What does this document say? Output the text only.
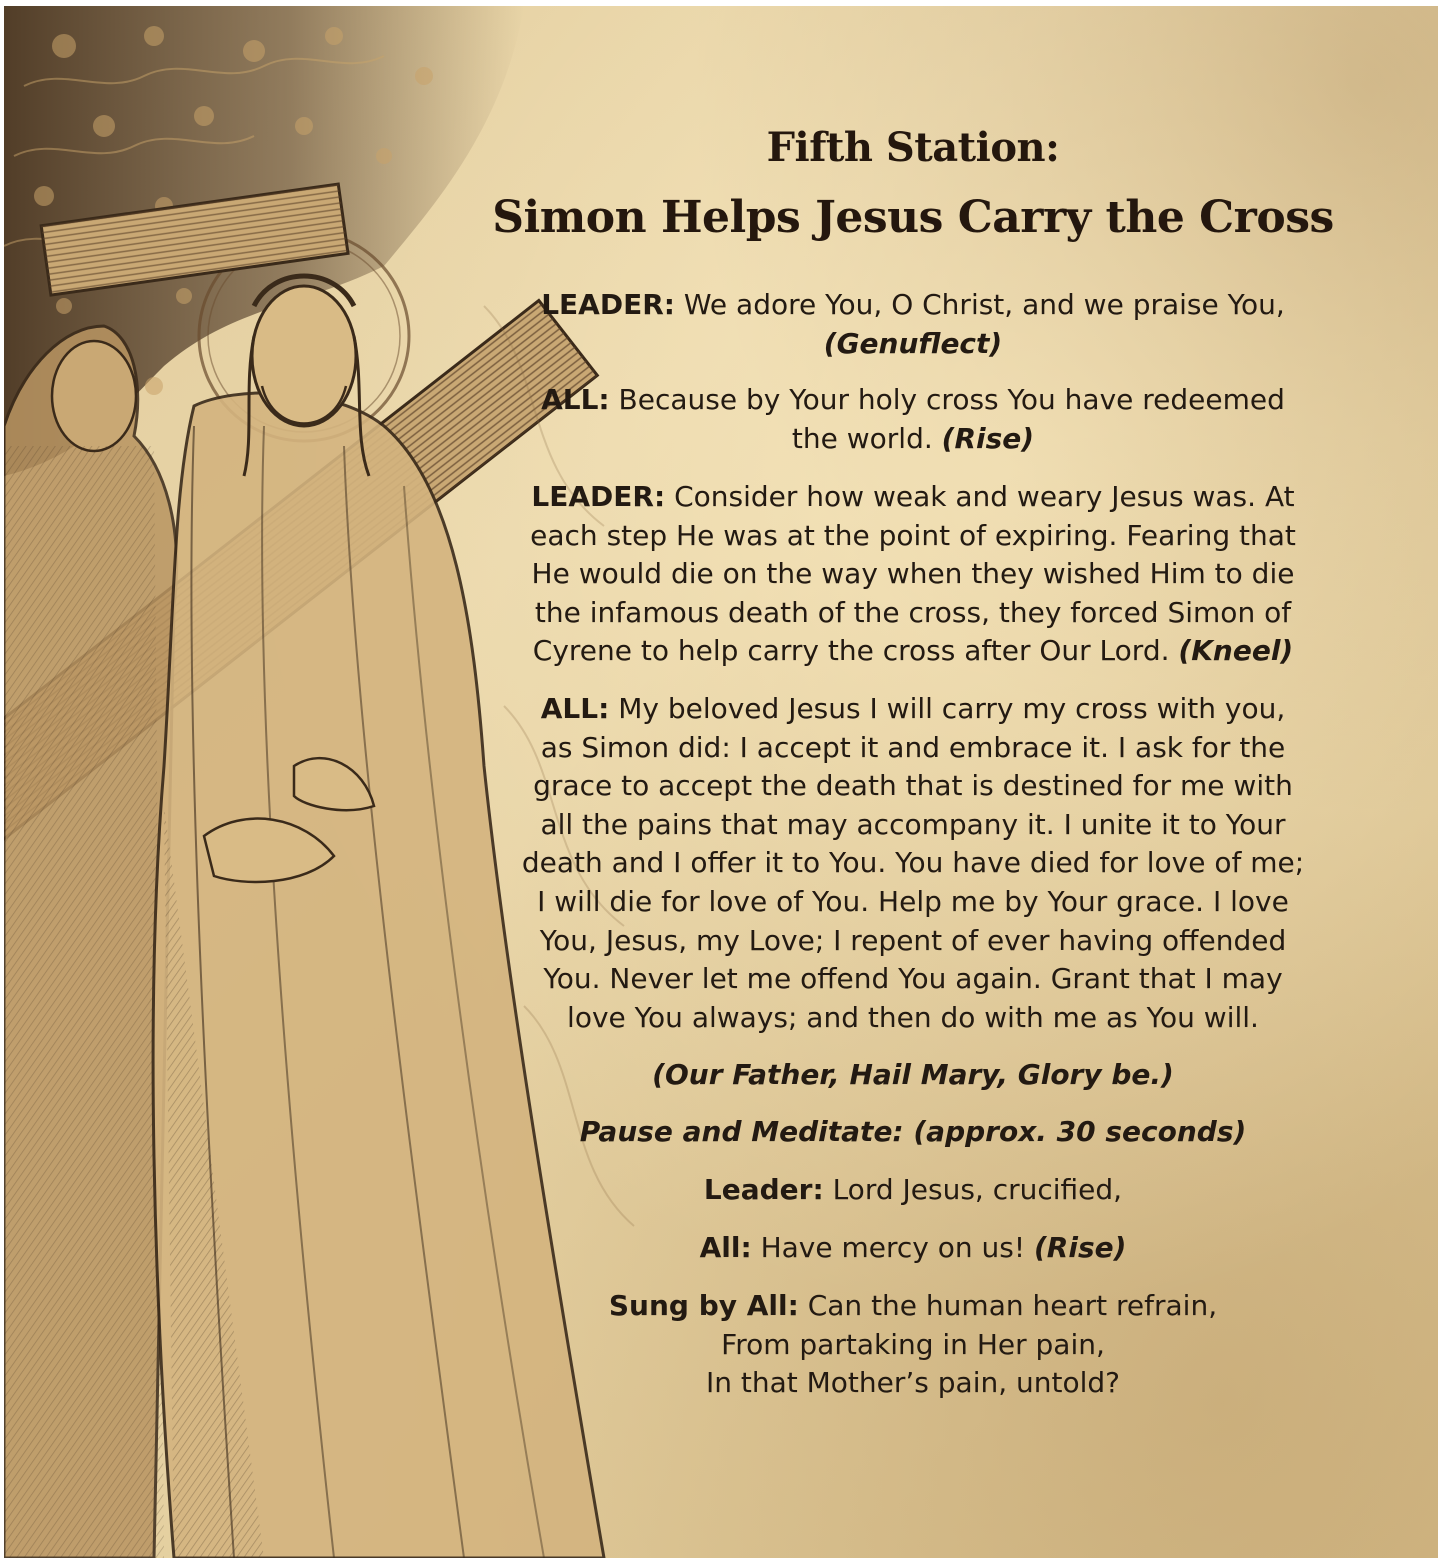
Fifth Station:
Simon Helps Jesus Carry the Cross
LEADER: We adore You, O Christ, and we praise You,
(Genuflect)
ALL: Because by Your holy cross You have redeemed
the world. (Rise)
LEADER: Consider how weak and weary Jesus was. At
each step He was at the point of expiring. Fearing that
He would die on the way when they wished Him to die
the infamous death of the cross, they forced Simon of
Cyrene to help carry the cross after Our Lord. (Kneel)
ALL: My beloved Jesus I will carry my cross with you,
as Simon did: I accept it and embrace it. I ask for the
grace to accept the death that is destined for me with
all the pains that may accompany it. I unite it to Your
death and I offer it to You. You have died for love of me;
I will die for love of You. Help me by Your grace. I love
You, Jesus, my Love; I repent of ever having offended
You. Never let me offend You again. Grant that I may
love You always; and then do with me as You will.
(Our Father, Hail Mary, Glory be.)
Pause and Meditate: (approx. 30 seconds)
Leader: Lord Jesus, crucified,
All: Have mercy on us! (Rise)
Sung by All: Can the human heart refrain,
From partaking in Her pain,
In that Mother’s pain, untold?
